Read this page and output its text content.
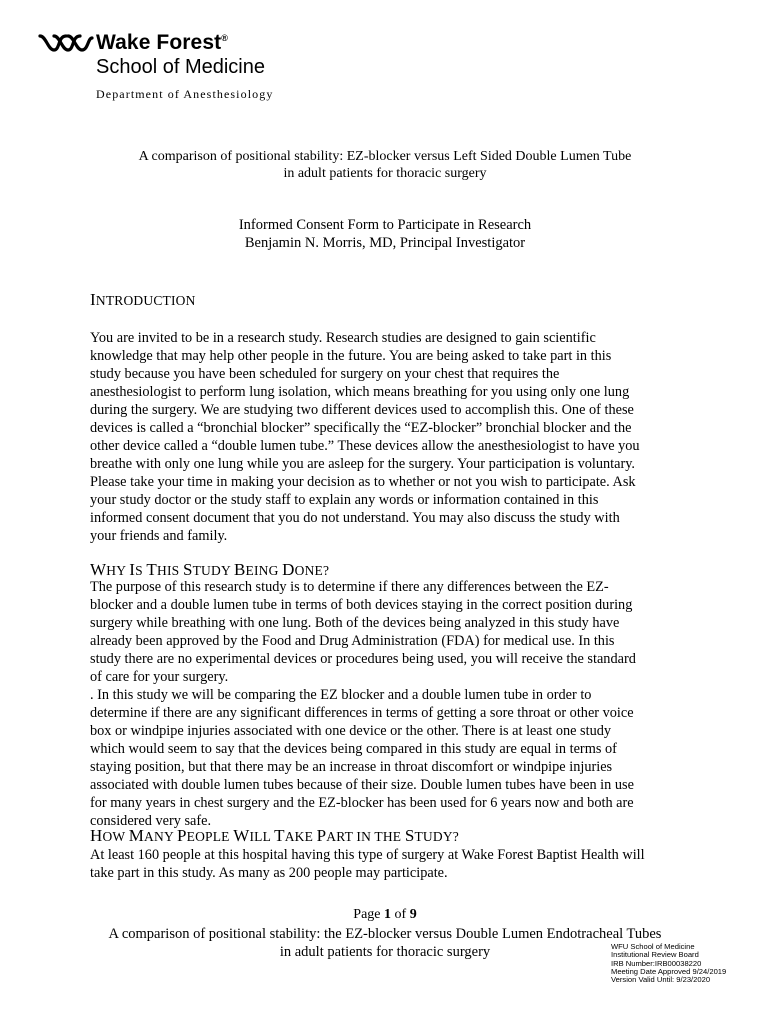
Wake Forest®
School of Medicine
Department of Anesthesiology
A comparison of positional stability: EZ-blocker versus Left Sided Double Lumen Tube
in adult patients for thoracic surgery
Informed Consent Form to Participate in Research
Benjamin N. Morris, MD, Principal Investigator
INTRODUCTION
You are invited to be in a research study. Research studies are designed to gain scientific
knowledge that may help other people in the future. You are being asked to take part in this
study because you have been scheduled for surgery on your chest that requires the
anesthesiologist to perform lung isolation, which means breathing for you using only one lung
during the surgery. We are studying two different devices used to accomplish this. One of these
devices is called a “bronchial blocker” specifically the “EZ-blocker” bronchial blocker and the
other device called a “double lumen tube.” These devices allow the anesthesiologist to have you
breathe with only one lung while you are asleep for the surgery. Your participation is voluntary.
Please take your time in making your decision as to whether or not you wish to participate. Ask
your study doctor or the study staff to explain any words or information contained in this
informed consent document that you do not understand. You may also discuss the study with
your friends and family.
WHY IS THIS STUDY BEING DONE?
The purpose of this research study is to determine if there any differences between the EZ-
blocker and a double lumen tube in terms of both devices staying in the correct position during
surgery while breathing with one lung. Both of the devices being analyzed in this study have
already been approved by the Food and Drug Administration (FDA) for medical use. In this
study there are no experimental devices or procedures being used, you will receive the standard
of care for your surgery.
. In this study we will be comparing the EZ blocker and a double lumen tube in order to
determine if there are any significant differences in terms of getting a sore throat or other voice
box or windpipe injuries associated with one device or the other. There is at least one study
which would seem to say that the devices being compared in this study are equal in terms of
staying position, but that there may be an increase in throat discomfort or windpipe injuries
associated with double lumen tubes because of their size. Double lumen tubes have been in use
for many years in chest surgery and the EZ-blocker has been used for 6 years now and both are
considered very safe.
HOW MANY PEOPLE WILL TAKE PART IN THE STUDY?
At least 160 people at this hospital having this type of surgery at Wake Forest Baptist Health will
take part in this study. As many as 200 people may participate.
Page 1 of 9
A comparison of positional stability: the EZ-blocker versus Double Lumen Endotracheal Tubes
in adult patients for thoracic surgery	WFU School of Medicine
Institutional Review Board
IRB Number:IRB00038220
Meeting Date Approved 9/24/2019
Version Valid Until: 9/23/2020
